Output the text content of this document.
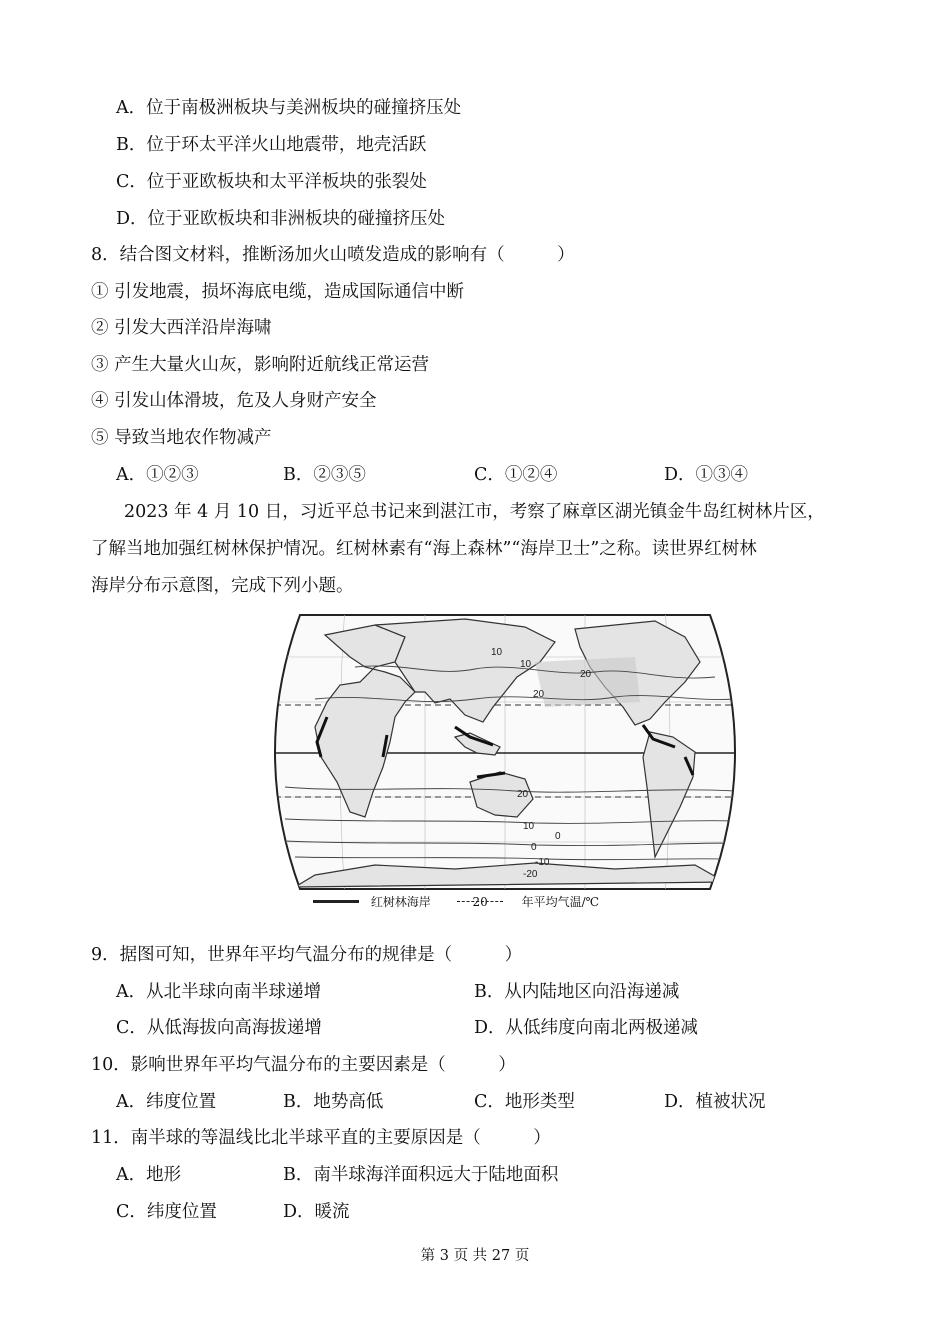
A．位于南极洲板块与美洲板块的碰撞挤压处
B．位于环太平洋火山地震带，地壳活跃
C．位于亚欧板块和太平洋板块的张裂处
D．位于亚欧板块和非洲板块的碰撞挤压处
8．结合图文材料，推断汤加火山喷发造成的影响有（　　　）
① 引发地震，损坏海底电缆，造成国际通信中断
② 引发大西洋沿岸海啸
③ 产生大量火山灰，影响附近航线正常运营
④ 引发山体滑坡，危及人身财产安全
⑤ 导致当地农作物减产
A．①②③	B．②③⑤	C．①②④	D．①③④
2023 年 4 月 10 日，习近平总书记来到湛江市，考察了麻章区湖光镇金牛岛红树林片区，
了解当地加强红树林保护情况。红树林素有“海上森林”“海岸卫士”之称。读世界红树林
海岸分布示意图，完成下列小题。
10
20
20
10
0
-10
-20
20
10
0
红树林海岸	20	年平均气温/℃
9．据图可知，世界年平均气温分布的规律是（　　　）
A．从北半球向南半球递增	B．从内陆地区向沿海递减
C．从低海拔向高海拔递增	D．从低纬度向南北两极递减
10．影响世界年平均气温分布的主要因素是（　　　）
A．纬度位置	B．地势高低	C．地形类型	D．植被状况
11．南半球的等温线比北半球平直的主要原因是（　　　）
A．地形	B．南半球海洋面积远大于陆地面积
C．纬度位置	D．暖流
第 3 页 共 27 页
